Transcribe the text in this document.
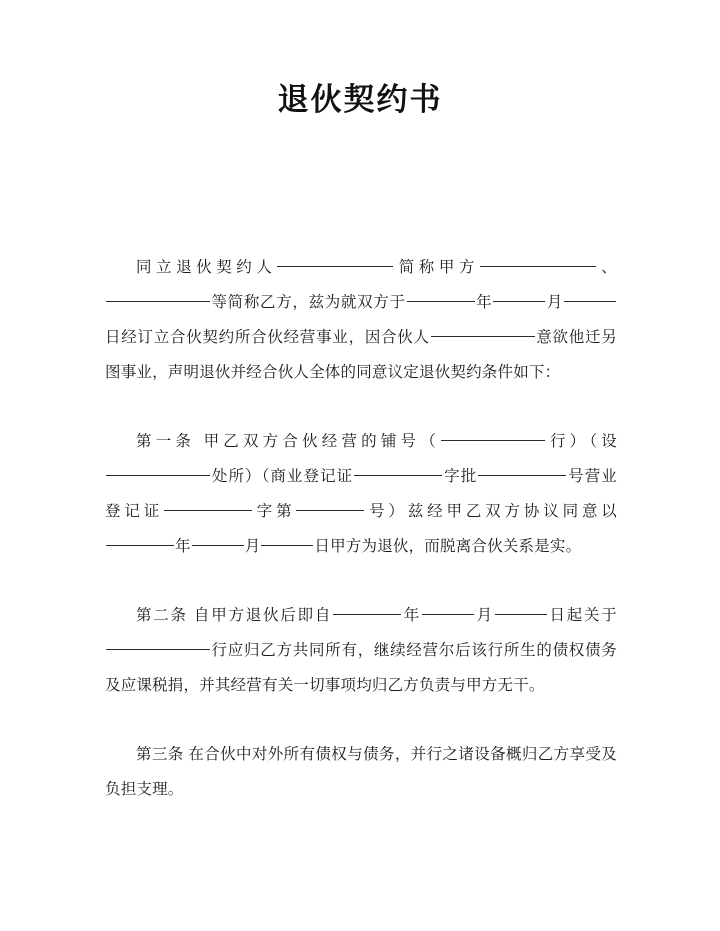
退伙契约书
同立退伙契约人	简称甲方	、 等简称乙方，兹为就双方于	年	月 日经订立合伙契约所合伙经营事业，因合伙人	意欲他迁另图事业，声明退伙并经合伙人全体的同意议定退伙契约条件如下：
第一条 甲乙双方合伙经营的铺号（	行）（设 处所）（商业登记证	字批	号营业登记证	字第	号）兹经甲乙双方协议同意以 年	月	日甲方为退伙，而脱离合伙关系是实。
第二条 自甲方退伙后即自	年	月	日起关于 行应归乙方共同所有，继续经营尔后该行所生的债权债务及应课税捐，并其经营有关一切事项均归乙方负责与甲方无干。
第三条 在合伙中对外所有债权与债务，并行之诸设备概归乙方享受及负担支理。
